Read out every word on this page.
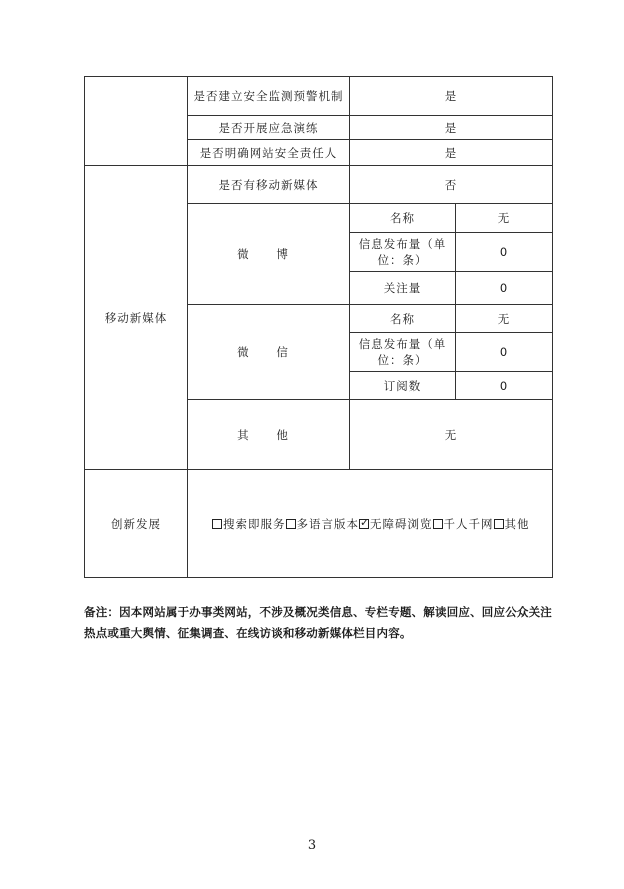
	是否建立安全监测预警机制	是	
	是否开展应急演练	是	
	是否明确网站安全责任人	是	
移动新媒体	是否有移动新媒体	否	
	微 博	名称	无
		信息发布量（单位：条）	0
		关注量	0
	微 信	名称	无
		信息发布量（单位：条）	0
		订阅数	0
	其 他	无	
创新发展	搜索即服务 多语言版本 ✓ 无障碍浏览 千人千网 其他
备注：因本网站属于办事类网站，不涉及概况类信息、专栏专题、解读回应、回应公众关注热点或重大舆情、征集调查、在线访谈和移动新媒体栏目内容。
3
